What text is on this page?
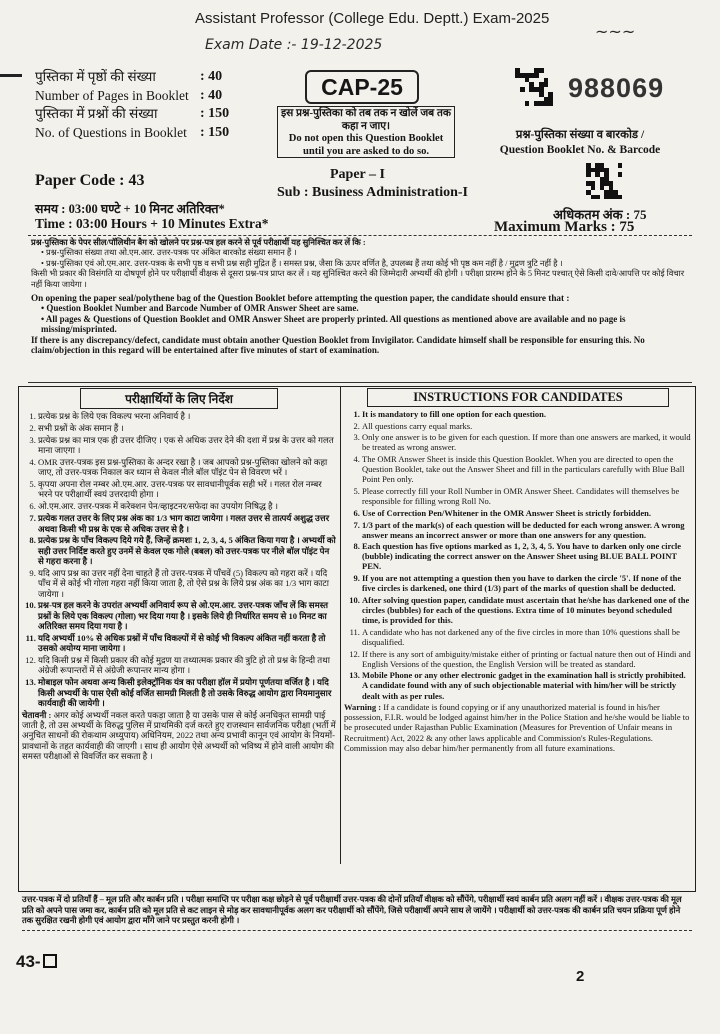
Assistant Professor (College Edu. Deptt.) Exam-2025
Exam Date :- 19-12-2025
~~~
पुस्तिका में पृष्ठों की संख्या
Number of Pages in Booklet
पुस्तिका में प्रश्नों की संख्या
No. of Questions in Booklet
: 40
: 40
: 150
: 150
CAP-25
इस प्रश्न-पुस्तिका को तब तक न खोलें जब तक कहा न जाए।
Do not open this Question Booklet until you are asked to do so.
988069
प्रश्न-पुस्तिका संख्या व बारकोड /
Question Booklet No. & Barcode
Paper Code : 43	Paper – I
Sub : Business Administration-I
समय : 03:00 घण्टे + 10 मिनट अतिरिक्त*
Time : 03:00 Hours + 10 Minutes Extra*
अधिकतम अंक : 75
Maximum Marks : 75
प्रश्न-पुस्तिका के पेपर सील/पॉलिथीन बैग को खोलने पर प्रश्न-पत्र हल करने से पूर्व परीक्षार्थी यह सुनिश्चित कर लें कि :
• प्रश्न-पुस्तिका संख्या तथा ओ.एम.आर. उत्तर-पत्रक पर अंकित बारकोड संख्या समान हैं ।
• प्रश्न-पुस्तिका एवं ओ.एम.आर. उत्तर-पत्रक के सभी पृष्ठ व सभी प्रश्न सही मुद्रित हैं । समस्त प्रश्न, जैसा कि ऊपर वर्णित है, उपलब्ध हैं तथा कोई भी पृष्ठ कम नहीं है / मुद्रण त्रुटि नहीं है ।
किसी भी प्रकार की विसंगति या दोषपूर्ण होने पर परीक्षार्थी वीक्षक से दूसरा प्रश्न-पत्र प्राप्त कर लें । यह सुनिश्चित करने की जिम्मेदारी अभ्यर्थी की होगी । परीक्षा प्रारम्भ होने के 5 मिनट पश्चात् ऐसे किसी दावे/आपत्ति पर कोई विचार नहीं किया जायेगा ।
On opening the paper seal/polythene bag of the Question Booklet before attempting the question paper, the candidate should ensure that :
• Question Booklet Number and Barcode Number of OMR Answer Sheet are same.
• All pages & Questions of Question Booklet and OMR Answer Sheet are properly printed. All questions as mentioned above are available and no page is missing/misprinted.
If there is any discrepancy/defect, candidate must obtain another Question Booklet from Invigilator. Candidate himself shall be responsible for ensuring this. No claim/objection in this regard will be entertained after five minutes of start of examination.
परीक्षार्थियों के लिए निर्देश
1. प्रत्येक प्रश्न के लिये एक विकल्प भरना अनिवार्य है ।
2. सभी प्रश्नों के अंक समान हैं ।
3. प्रत्येक प्रश्न का मात्र एक ही उत्तर दीजिए । एक से अधिक उत्तर देने की दशा में प्रश्न के उत्तर को गलत माना जाएगा ।
4. OMR उत्तर-पत्रक इस प्रश्न-पुस्तिका के अन्दर रखा है । जब आपको प्रश्न-पुस्तिका खोलने को कहा जाए, तो उत्तर-पत्रक निकाल कर ध्यान से केवल नीले बॉल पॉइंट पेन से विवरण भरें ।
5. कृपया अपना रोल नम्बर ओ.एम.आर. उत्तर-पत्रक पर सावधानीपूर्वक सही भरें । गलत रोल नम्बर भरने पर परीक्षार्थी स्वयं उत्तरदायी होगा ।
6. ओ.एम.आर. उत्तर-पत्रक में करेक्शन पेन/व्हाइटनर/सफेदा का उपयोग निषिद्ध है ।
7. प्रत्येक गलत उत्तर के लिए प्रश्न अंक का 1/3 भाग काटा जायेगा । गलत उत्तर से तात्पर्य अशुद्ध उत्तर अथवा किसी भी प्रश्न के एक से अधिक उत्तर से है ।
8. प्रत्येक प्रश्न के पाँच विकल्प दिये गये हैं, जिन्हें क्रमशः 1, 2, 3, 4, 5 अंकित किया गया है । अभ्यर्थी को सही उत्तर निर्दिष्ट करते हुए उनमें से केवल एक गोले (बबल) को उत्तर-पत्रक पर नीले बॉल पॉइंट पेन से गहरा करना है ।
9. यदि आप प्रश्न का उत्तर नहीं देना चाहते हैं तो उत्तर-पत्रक में पाँचवें (5) विकल्प को गहरा करें । यदि पाँच में से कोई भी गोला गहरा नहीं किया जाता है, तो ऐसे प्रश्न के लिये प्रश्न अंक का 1/3 भाग काटा जायेगा ।
10. प्रश्न-पत्र हल करने के उपरांत अभ्यर्थी अनिवार्य रूप से ओ.एम.आर. उत्तर-पत्रक जाँच लें कि समस्त प्रश्नों के लिये एक विकल्प (गोला) भर दिया गया है । इसके लिये ही निर्धारित समय से 10 मिनट का अतिरिक्त समय दिया गया है ।
11. यदि अभ्यर्थी 10% से अधिक प्रश्नों में पाँच विकल्पों में से कोई भी विकल्प अंकित नहीं करता है तो उसको अयोग्य माना जायेगा ।
12. यदि किसी प्रश्न में किसी प्रकार की कोई मुद्रण या तथ्यात्मक प्रकार की त्रुटि हो तो प्रश्न के हिन्दी तथा अंग्रेजी रूपान्तरों में से अंग्रेजी रूपान्तर मान्य होगा ।
13. मोबाइल फोन अथवा अन्य किसी इलेक्ट्रॉनिक यंत्र का परीक्षा हॉल में प्रयोग पूर्णतया वर्जित है । यदि किसी अभ्यर्थी के पास ऐसी कोई वर्जित सामग्री मिलती है तो उसके विरुद्ध आयोग द्वारा नियमानुसार कार्यवाही की जायेगी ।
चेतावनी : अगर कोई अभ्यर्थी नकल करते पकड़ा जाता है या उसके पास से कोई अनधिकृत सामग्री पाई जाती है, तो उस अभ्यर्थी के विरुद्ध पुलिस में प्राथमिकी दर्ज करते हुए राजस्थान सार्वजनिक परीक्षा (भर्ती में अनुचित साधनों की रोकथाम अध्युपाय) अधिनियम, 2022 तथा अन्य प्रभावी कानून एवं आयोग के नियमों-प्रावधानों के तहत कार्यवाही की जाएगी । साथ ही आयोग ऐसे अभ्यर्थी को भविष्य में होने वाली आयोग की समस्त परीक्षाओं से विवर्जित कर सकता है ।
INSTRUCTIONS FOR CANDIDATES
1. It is mandatory to fill one option for each question.
2. All questions carry equal marks.
3. Only one answer is to be given for each question. If more than one answers are marked, it would be treated as wrong answer.
4. The OMR Answer Sheet is inside this Question Booklet. When you are directed to open the Question Booklet, take out the Answer Sheet and fill in the particulars carefully with Blue Ball Point Pen only.
5. Please correctly fill your Roll Number in OMR Answer Sheet. Candidates will themselves be responsible for filling wrong Roll No.
6. Use of Correction Pen/Whitener in the OMR Answer Sheet is strictly forbidden.
7. 1/3 part of the mark(s) of each question will be deducted for each wrong answer. A wrong answer means an incorrect answer or more than one answers for any question.
8. Each question has five options marked as 1, 2, 3, 4, 5. You have to darken only one circle (bubble) indicating the correct answer on the Answer Sheet using BLUE BALL POINT PEN.
9. If you are not attempting a question then you have to darken the circle '5'. If none of the five circles is darkened, one third (1/3) part of the marks of question shall be deducted.
10. After solving question paper, candidate must ascertain that he/she has darkened one of the circles (bubbles) for each of the questions. Extra time of 10 minutes beyond scheduled time, is provided for this.
11. A candidate who has not darkened any of the five circles in more than 10% questions shall be disqualified.
12. If there is any sort of ambiguity/mistake either of printing or factual nature then out of Hindi and English Versions of the question, the English Version will be treated as standard.
13. Mobile Phone or any other electronic gadget in the examination hall is strictly prohibited. A candidate found with any of such objectionable material with him/her will be strictly dealt with as per rules.
Warning : If a candidate is found copying or if any unauthorized material is found in his/her possession, F.I.R. would be lodged against him/her in the Police Station and he/she would be liable to be prosecuted under Rajasthan Public Examination (Measures for Prevention of Unfair means in Recruitment) Act, 2022 & any other laws applicable and Commission's Rules-Regulations. Commission may also debar him/her permanently from all future examinations.
उत्तर-पत्रक में दो प्रतियाँ हैं – मूल प्रति और कार्बन प्रति । परीक्षा समाप्ति पर परीक्षा कक्ष छोड़ने से पूर्व परीक्षार्थी उत्तर-पत्रक की दोनों प्रतियाँ वीक्षक को सौंपेंगे, परीक्षार्थी स्वयं कार्बन प्रति अलग नहीं करें । वीक्षक उत्तर-पत्रक की मूल प्रति को अपने पास जमा कर, कार्बन प्रति को मूल प्रति से कट लाइन से मोड़ कर सावधानीपूर्वक अलग कर परीक्षार्थी को सौंपेंगे, जिसे परीक्षार्थी अपने साथ ले जायेंगे । परीक्षार्थी को उत्तर-पत्रक की कार्बन प्रति चयन प्रक्रिया पूर्ण होने तक सुरक्षित रखनी होगी एवं आयोग द्वारा माँगे जाने पर प्रस्तुत करनी होगी ।
43-
2
